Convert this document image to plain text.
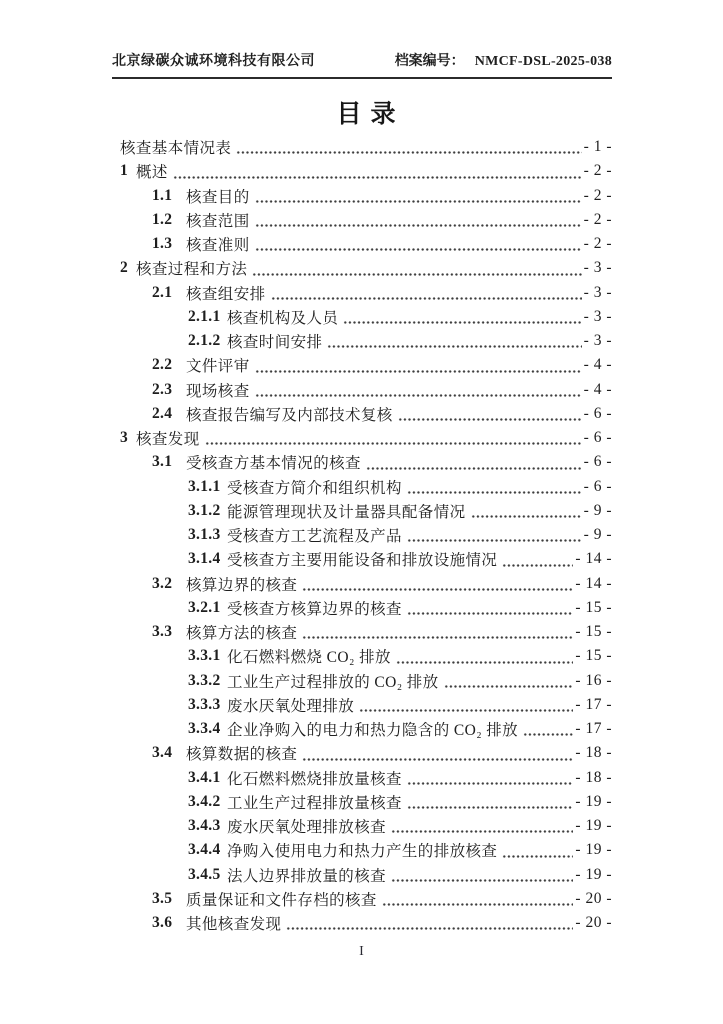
北京绿碳众诚环境科技有限公司	档案编号： NMCF-DSL-2025-038
目录
核查基本情况表	- 1 -
1 概述	- 2 -
1.1 核查目的	- 2 -
1.2 核查范围	- 2 -
1.3 核查准则	- 2 -
2 核查过程和方法	- 3 -
2.1 核查组安排	- 3 -
2.1.1 核查机构及人员	- 3 -
2.1.2 核查时间安排	- 3 -
2.2 文件评审	- 4 -
2.3 现场核查	- 4 -
2.4 核查报告编写及内部技术复核	- 6 -
3 核查发现	- 6 -
3.1 受核查方基本情况的核查	- 6 -
3.1.1 受核查方简介和组织机构	- 6 -
3.1.2 能源管理现状及计量器具配备情况	- 9 -
3.1.3 受核查方工艺流程及产品	- 9 -
3.1.4 受核查方主要用能设备和排放设施情况	- 14 -
3.2 核算边界的核查	- 14 -
3.2.1 受核查方核算边界的核查	- 15 -
3.3 核算方法的核查	- 15 -
3.3.1 化石燃料燃烧 CO₂ 排放	- 15 -
3.3.2 工业生产过程排放的 CO₂ 排放	- 16 -
3.3.3 废水厌氧处理排放	- 17 -
3.3.4 企业净购入的电力和热力隐含的 CO₂ 排放	- 17 -
3.4 核算数据的核查	- 18 -
3.4.1 化石燃料燃烧排放量核查	- 18 -
3.4.2 工业生产过程排放量核查	- 19 -
3.4.3 废水厌氧处理排放核查	- 19 -
3.4.4 净购入使用电力和热力产生的排放核查	- 19 -
3.4.5 法人边界排放量的核查	- 19 -
3.5 质量保证和文件存档的核查	- 20 -
3.6 其他核查发现	- 20 -
I
